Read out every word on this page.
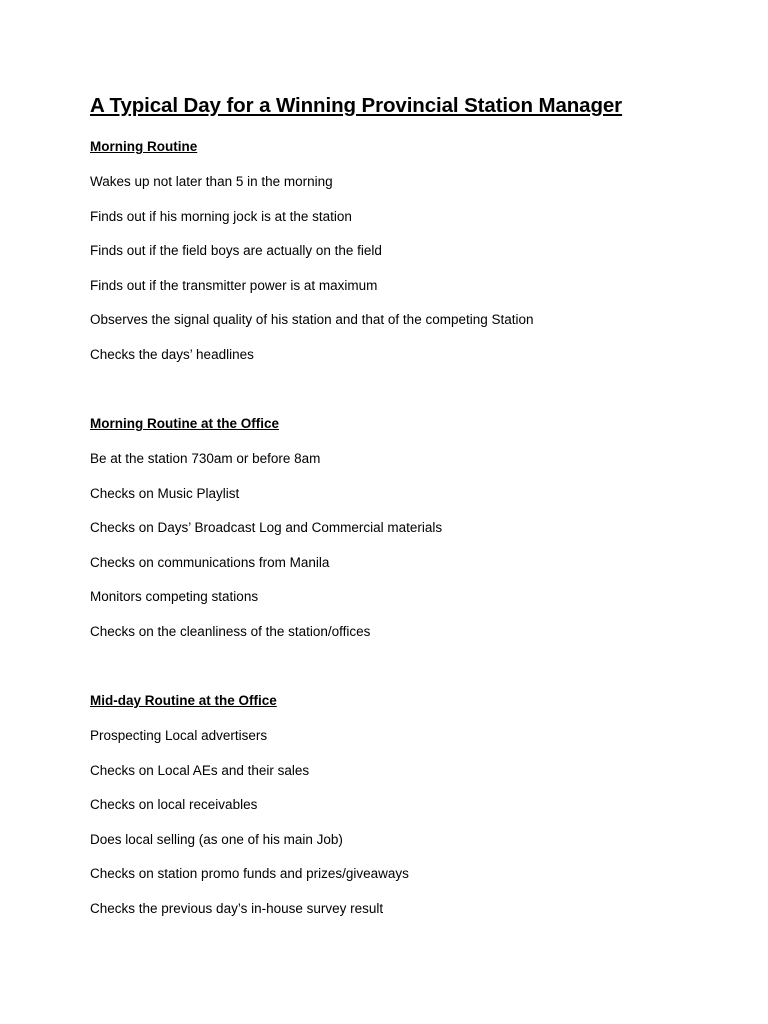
A Typical Day for a Winning Provincial Station Manager
Morning Routine
Wakes up not later than 5 in the morning
Finds out if his morning jock is at the station
Finds out if the field boys are actually on the field
Finds out if the transmitter power is at maximum
Observes the signal quality of his station and that of the competing Station
Checks the days’ headlines
Morning Routine at the Office
Be at the station 730am or before 8am
Checks on Music Playlist
Checks on Days’ Broadcast Log and Commercial materials
Checks on communications from Manila
Monitors competing stations
Checks on the cleanliness of the station/offices
Mid-day Routine at the Office
Prospecting Local advertisers
Checks on Local AEs and their sales
Checks on local receivables
Does local selling (as one of his main Job)
Checks on station promo funds and prizes/giveaways
Checks the previous day’s in-house survey result
